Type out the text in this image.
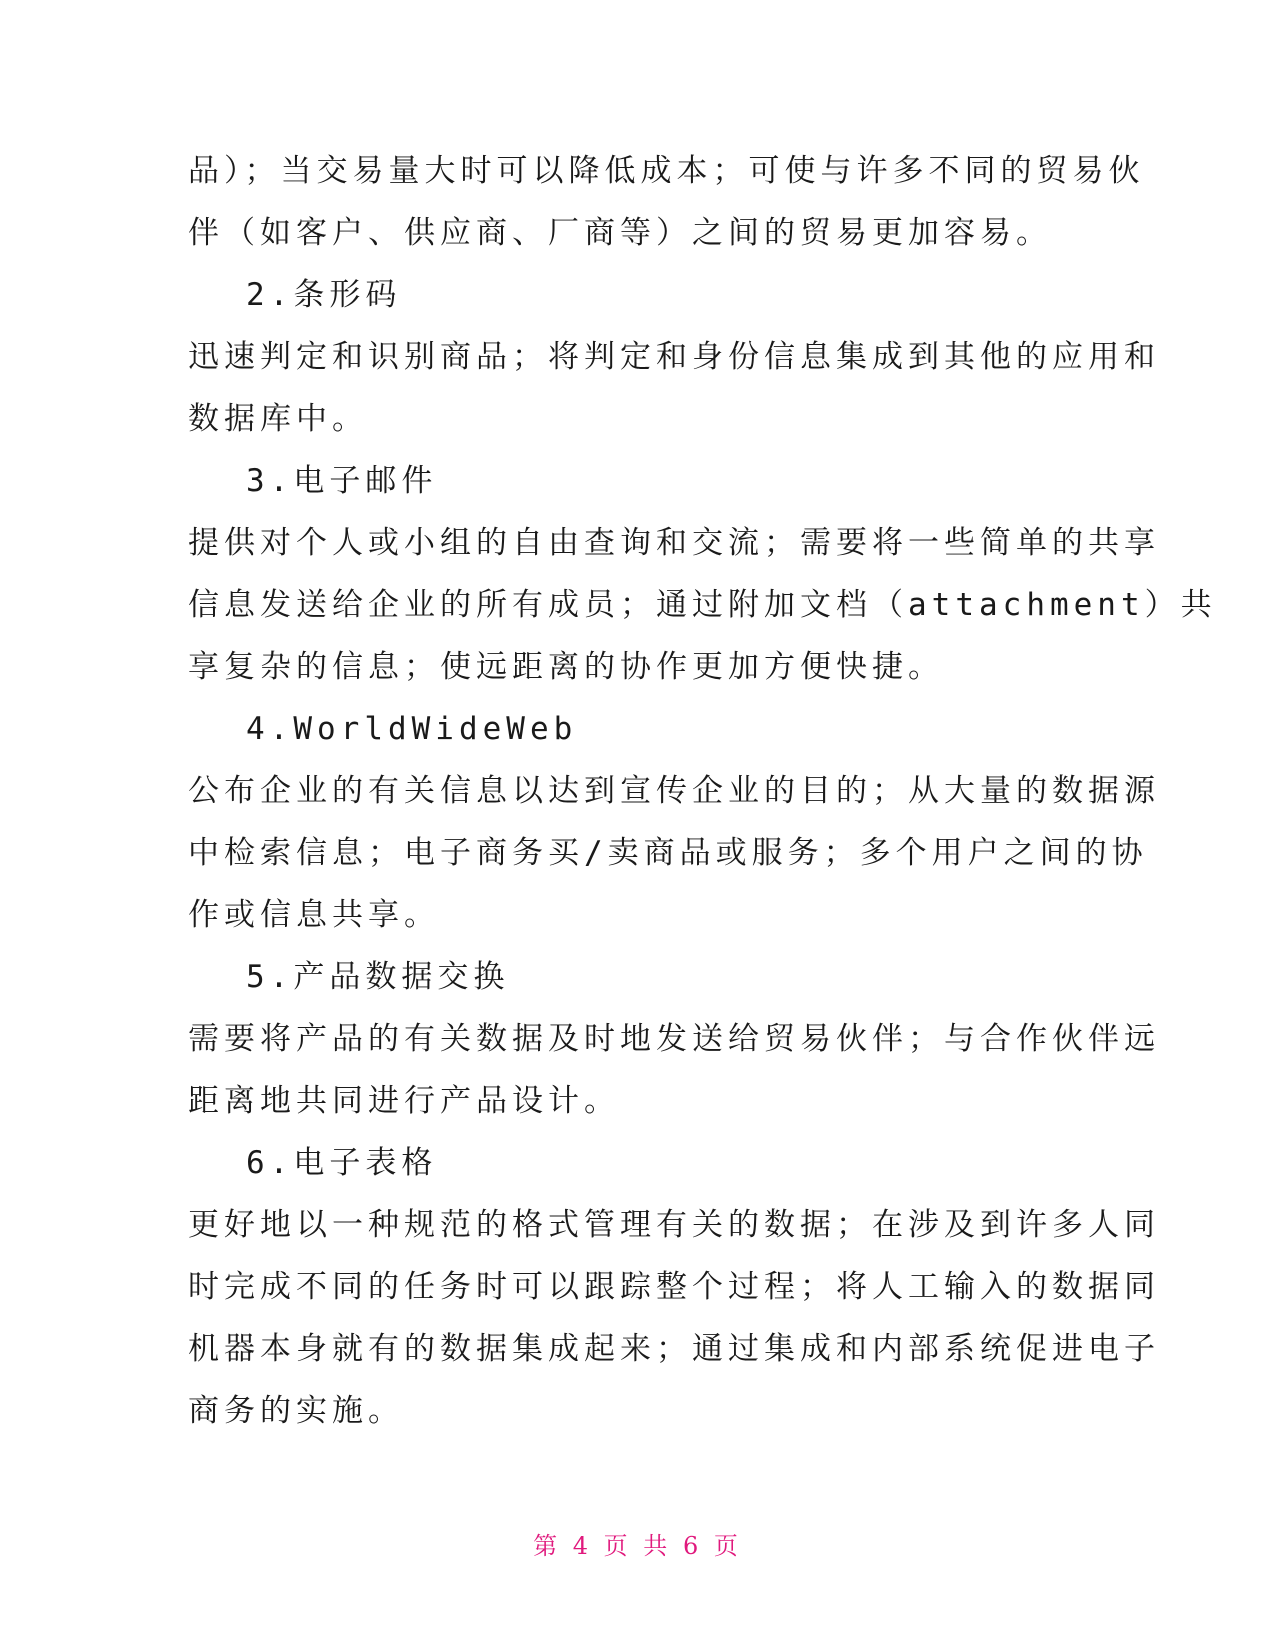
品）；当交易量大时可以降低成本；可使与许多不同的贸易伙
伴（如客户、供应商、厂商等）之间的贸易更加容易。
2.条形码
迅速判定和识别商品；将判定和身份信息集成到其他的应用和
数据库中。
3.电子邮件
提供对个人或小组的自由查询和交流；需要将一些简单的共享
信息发送给企业的所有成员；通过附加文档（attachment）共
享复杂的信息；使远距离的协作更加方便快捷。
4.WorldWideWeb
公布企业的有关信息以达到宣传企业的目的；从大量的数据源
中检索信息；电子商务买/卖商品或服务；多个用户之间的协
作或信息共享。
5.产品数据交换
需要将产品的有关数据及时地发送给贸易伙伴；与合作伙伴远
距离地共同进行产品设计。
6.电子表格
更好地以一种规范的格式管理有关的数据；在涉及到许多人同
时完成不同的任务时可以跟踪整个过程；将人工输入的数据同
机器本身就有的数据集成起来；通过集成和内部系统促进电子
商务的实施。
第 4 页 共 6 页
